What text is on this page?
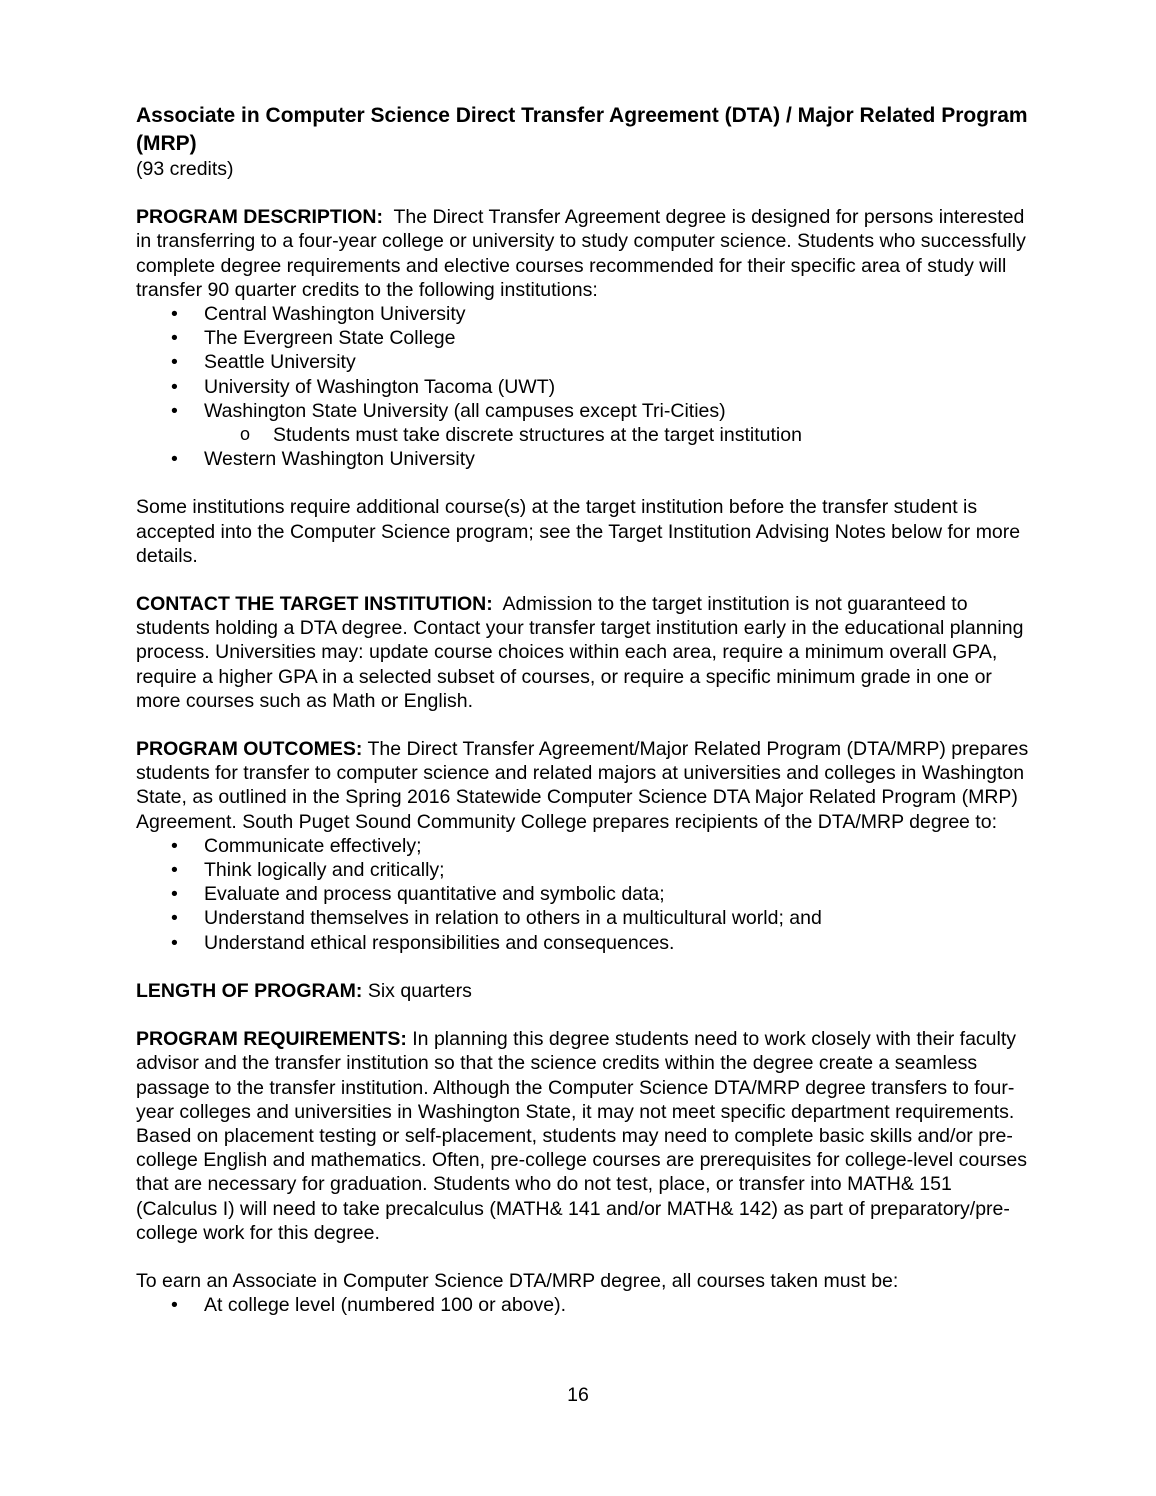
Associate in Computer Science Direct Transfer Agreement (DTA) / Major Related Program (MRP)

(93 credits)

PROGRAM DESCRIPTION: The Direct Transfer Agreement degree is designed for persons interested in transferring to a four-year college or university to study computer science. Students who successfully complete degree requirements and elective courses recommended for their specific area of study will transfer 90 quarter credits to the following institutions:

• Central Washington University
• The Evergreen State College
• Seattle University
• University of Washington Tacoma (UWT)
• Washington State University (all campuses except Tri-Cities)
o Students must take discrete structures at the target institution
• Western Washington University

Some institutions require additional course(s) at the target institution before the transfer student is accepted into the Computer Science program; see the Target Institution Advising Notes below for more details.

CONTACT THE TARGET INSTITUTION: Admission to the target institution is not guaranteed to students holding a DTA degree. Contact your transfer target institution early in the educational planning process. Universities may: update course choices within each area, require a minimum overall GPA, require a higher GPA in a selected subset of courses, or require a specific minimum grade in one or more courses such as Math or English.

PROGRAM OUTCOMES: The Direct Transfer Agreement/Major Related Program (DTA/MRP) prepares students for transfer to computer science and related majors at universities and colleges in Washington State, as outlined in the Spring 2016 Statewide Computer Science DTA Major Related Program (MRP) Agreement. South Puget Sound Community College prepares recipients of the DTA/MRP degree to:

• Communicate effectively;
• Think logically and critically;
• Evaluate and process quantitative and symbolic data;
• Understand themselves in relation to others in a multicultural world; and
• Understand ethical responsibilities and consequences.

LENGTH OF PROGRAM: Six quarters

PROGRAM REQUIREMENTS: In planning this degree students need to work closely with their faculty advisor and the transfer institution so that the science credits within the degree create a seamless passage to the transfer institution. Although the Computer Science DTA/MRP degree transfers to four-year colleges and universities in Washington State, it may not meet specific department requirements. Based on placement testing or self-placement, students may need to complete basic skills and/or pre-college English and mathematics. Often, pre-college courses are prerequisites for college-level courses that are necessary for graduation. Students who do not test, place, or transfer into MATH& 151 (Calculus I) will need to take precalculus (MATH& 141 and/or MATH& 142) as part of preparatory/pre-college work for this degree.

To earn an Associate in Computer Science DTA/MRP degree, all courses taken must be:

• At college level (numbered 100 or above).
16
